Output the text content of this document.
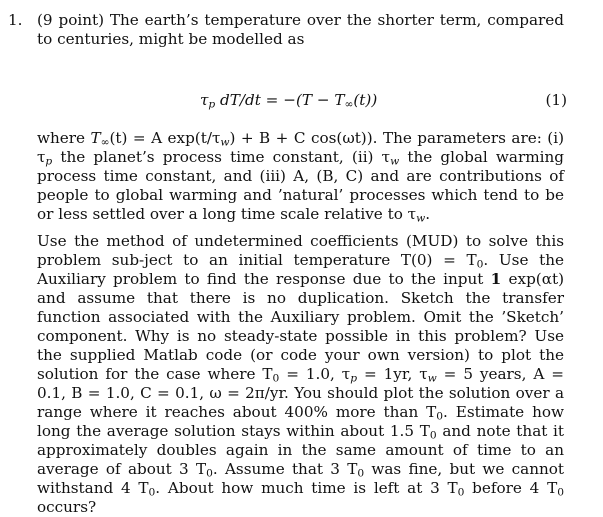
1. (9 point) The earth’s temperature over the shorter term, compared to centuries, might be modelled as
$\tau_p$ $dT/dt = -(T - T_\infty(t))$	(1)
where $T_\infty(t) = A$ $\exp(t/\tau_w) + B + C$ cos(ωt)). The parameters are: (i) $\tau_p$ the planet’s process time constant, (ii) $\tau_w$ the global warming process time constant, and (iii) A, (B, C) and are contributions of people to global warming and ’natural’ processes which tend to be or less settled over a long time scale relative to $\tau_w$.
Use the method of undetermined coefficients (MUD) to solve this problem sub-ject to an initial temperature $T(0) = T_0$. Use the Auxiliary problem to find the response due to the input 1 exp(αt) and assume that there is no duplication. Sketch the transfer function associated with the Auxiliary problem. Omit the ’Sketch’ component. Why is no steady-state possible in this problem? Use the supplied Matlab code (or code your own version) to plot the solution for the case where $T_0 = 1.0$, $\tau_p = 1yr$, $\tau_w = 5$ years, A = 0.1, B = 1.0, C = 0.1, ω = 2π/yr. You should plot the solution over a range where it reaches about 400% more than $T_0$. Estimate how long the average solution stays within about 1.5 $T_0$ and note that it approximately doubles again in the same amount of time to an average of about 3 $T_0$. Assume that 3 $T_0$ was fine, but we cannot withstand 4 $T_0$. About how much time is left at 3 $T_0$ before 4 $T_0$ occurs?
